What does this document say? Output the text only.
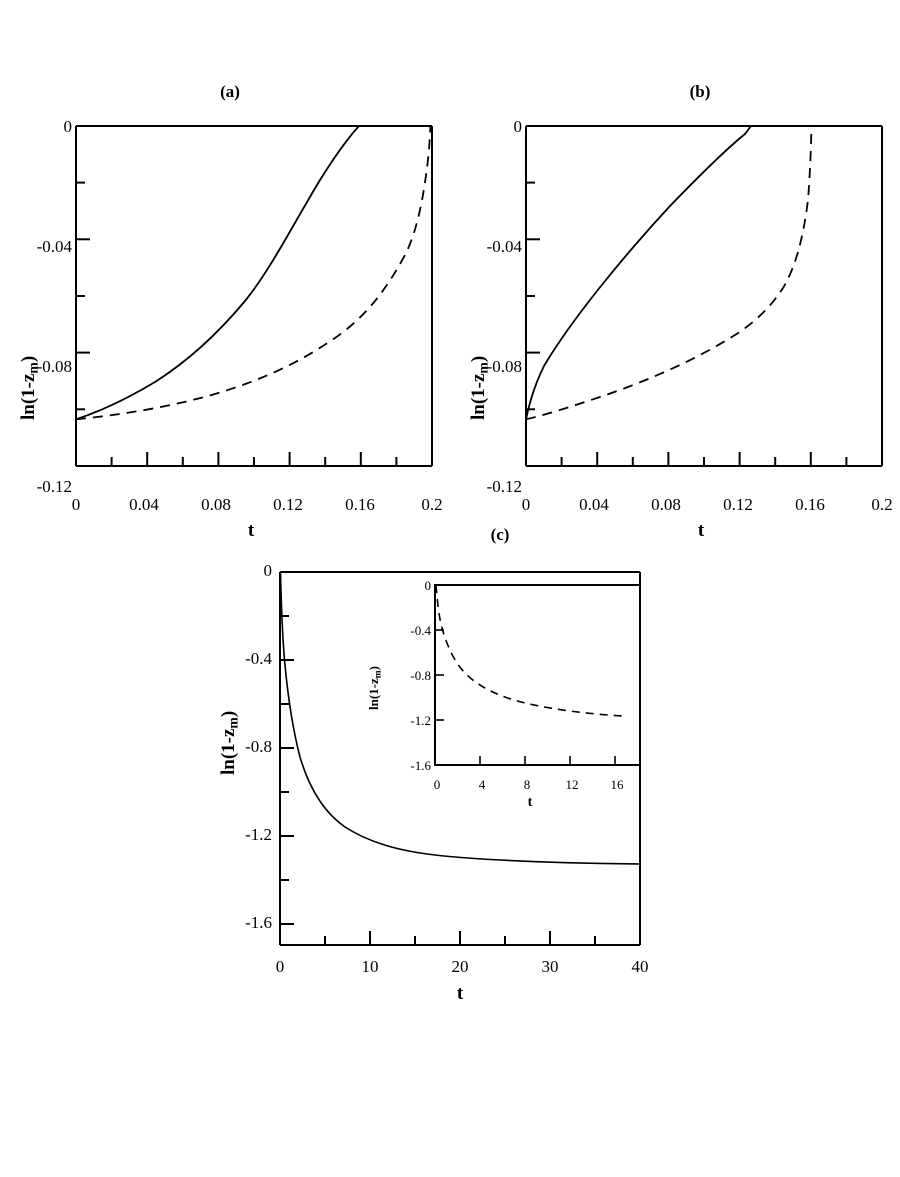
(a)
$\ln(1-z_m)$
0
-0.04
-0.08
-0.12
0	0.04	0.08	0.12	0.16	0.2
t
(b)
$\ln(1-z_m)$
0
-0.04
-0.08
-0.12
0	0.04	0.08	0.12	0.16	0.2
t
(c)
$\ln(1-z_m)$
0
-0.4
-0.8
-1.2
-1.6
0	10	20	30	40
t
0
-0.4
-0.8
-1.2
-1.6
0	4	8	12	16
t
$\ln(1-z_m)$
